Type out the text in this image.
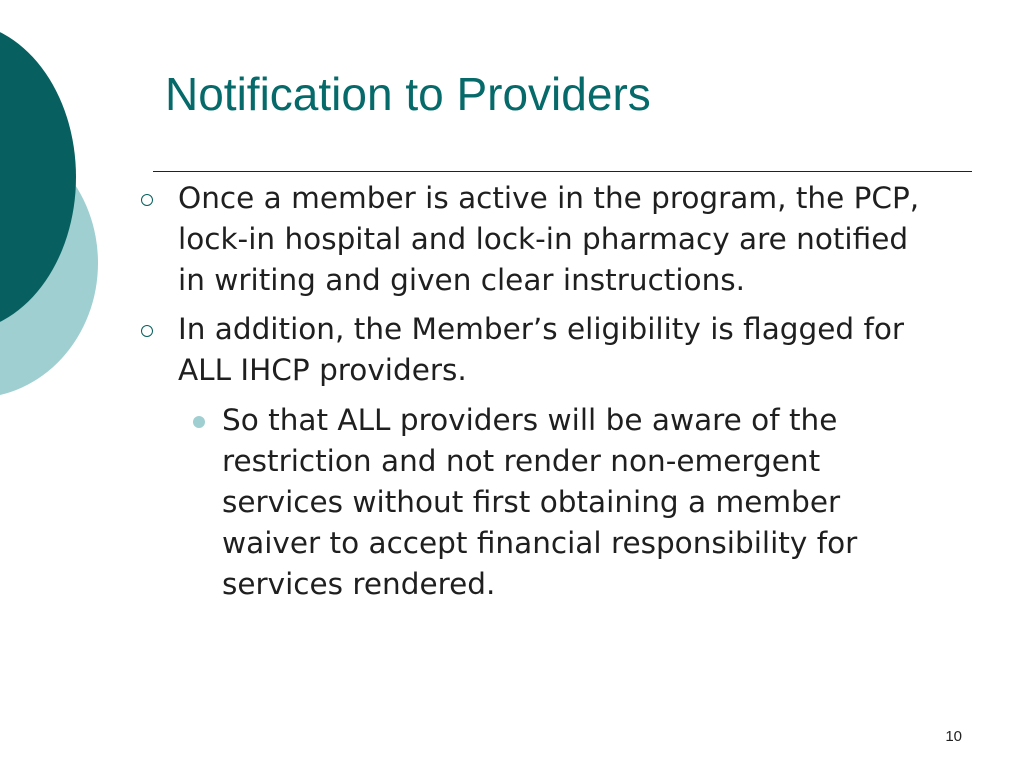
Notification to Providers
Once a member is active in the program, the PCP, lock-in hospital and lock-in pharmacy are notified in writing and given clear instructions.
In addition, the Member’s eligibility is flagged for ALL IHCP providers.
So that ALL providers will be aware of the restriction and not render non-emergent services without first obtaining a member waiver to accept financial responsibility for services rendered.
10
